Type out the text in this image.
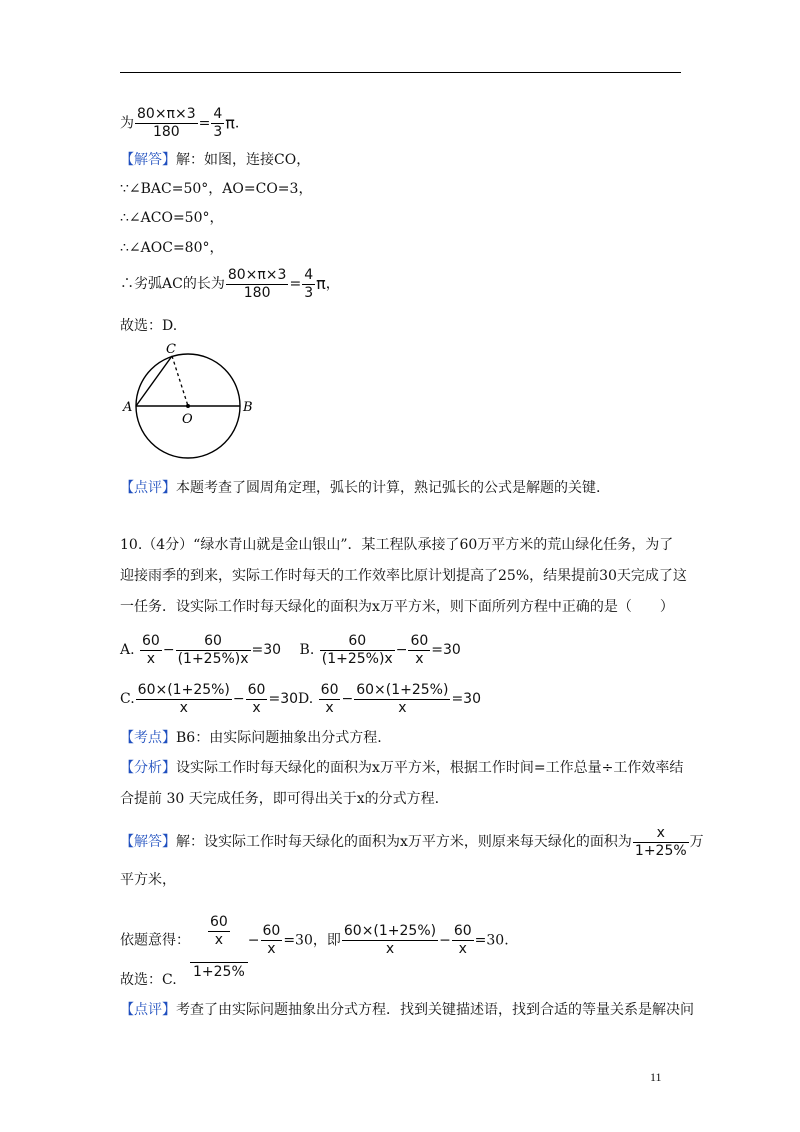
为 $\frac{80\times\pi\times 3}{180} = \frac{4}{3} \pi$.
【解答】解：如图，连接CO，
∵∠BAC=50°，AO=CO=3，
∴∠ACO=50°，
∴∠AOC=80°，
∴劣弧AC的长为 $\frac{80\times\pi\times 3}{180} = \frac{4}{3}$ π，
故选：D.
A	B
C
O
【点评】本题考查了圆周角定理，弧长的计算，熟记弧长的公式是解题的关键.
10.（4分）“绿水青山就是金山银山”．某工程队承接了60万平方米的荒山绿化任务，为了
迎接雨季的到来，实际工作时每天的工作效率比原计划提高了25%，结果提前30天完成了这
一任务．设实际工作时每天绿化的面积为x万平方米，则下面所列方程中正确的是（　　）
A. $\frac{60}{x} - \frac{60}{(1+25\%)x} =30$ B. $\frac{60}{(1+25\%)x} - \frac{60}{x} =30$
C. $\frac{60\times(1+25\%)}{x} - \frac{60}{x} =30D$. $\frac{60}{x} - \frac{60\times(1+25\%)}{x} =30$
【考点】B6：由实际问题抽象出分式方程.
【分析】设实际工作时每天绿化的面积为x万平方米，根据工作时间=工作总量÷工作效率结
合提前 30 天完成任务，即可得出关于x的分式方程.
【解答】解：设实际工作时每天绿化的面积为x万平方米，则原来每天绿化的面积为 $\frac{x}{1+25\%}$ 万
平方米，
依题意得： $\frac{\frac{60}{x}}{1+25\%} - \frac{60}{x} =30$，即 $\frac{60\times(1+25\%)}{x} - \frac{60}{x} =30$.
故选：C.
【点评】考查了由实际问题抽象出分式方程．找到关键描述语，找到合适的等量关系是解决问
11
